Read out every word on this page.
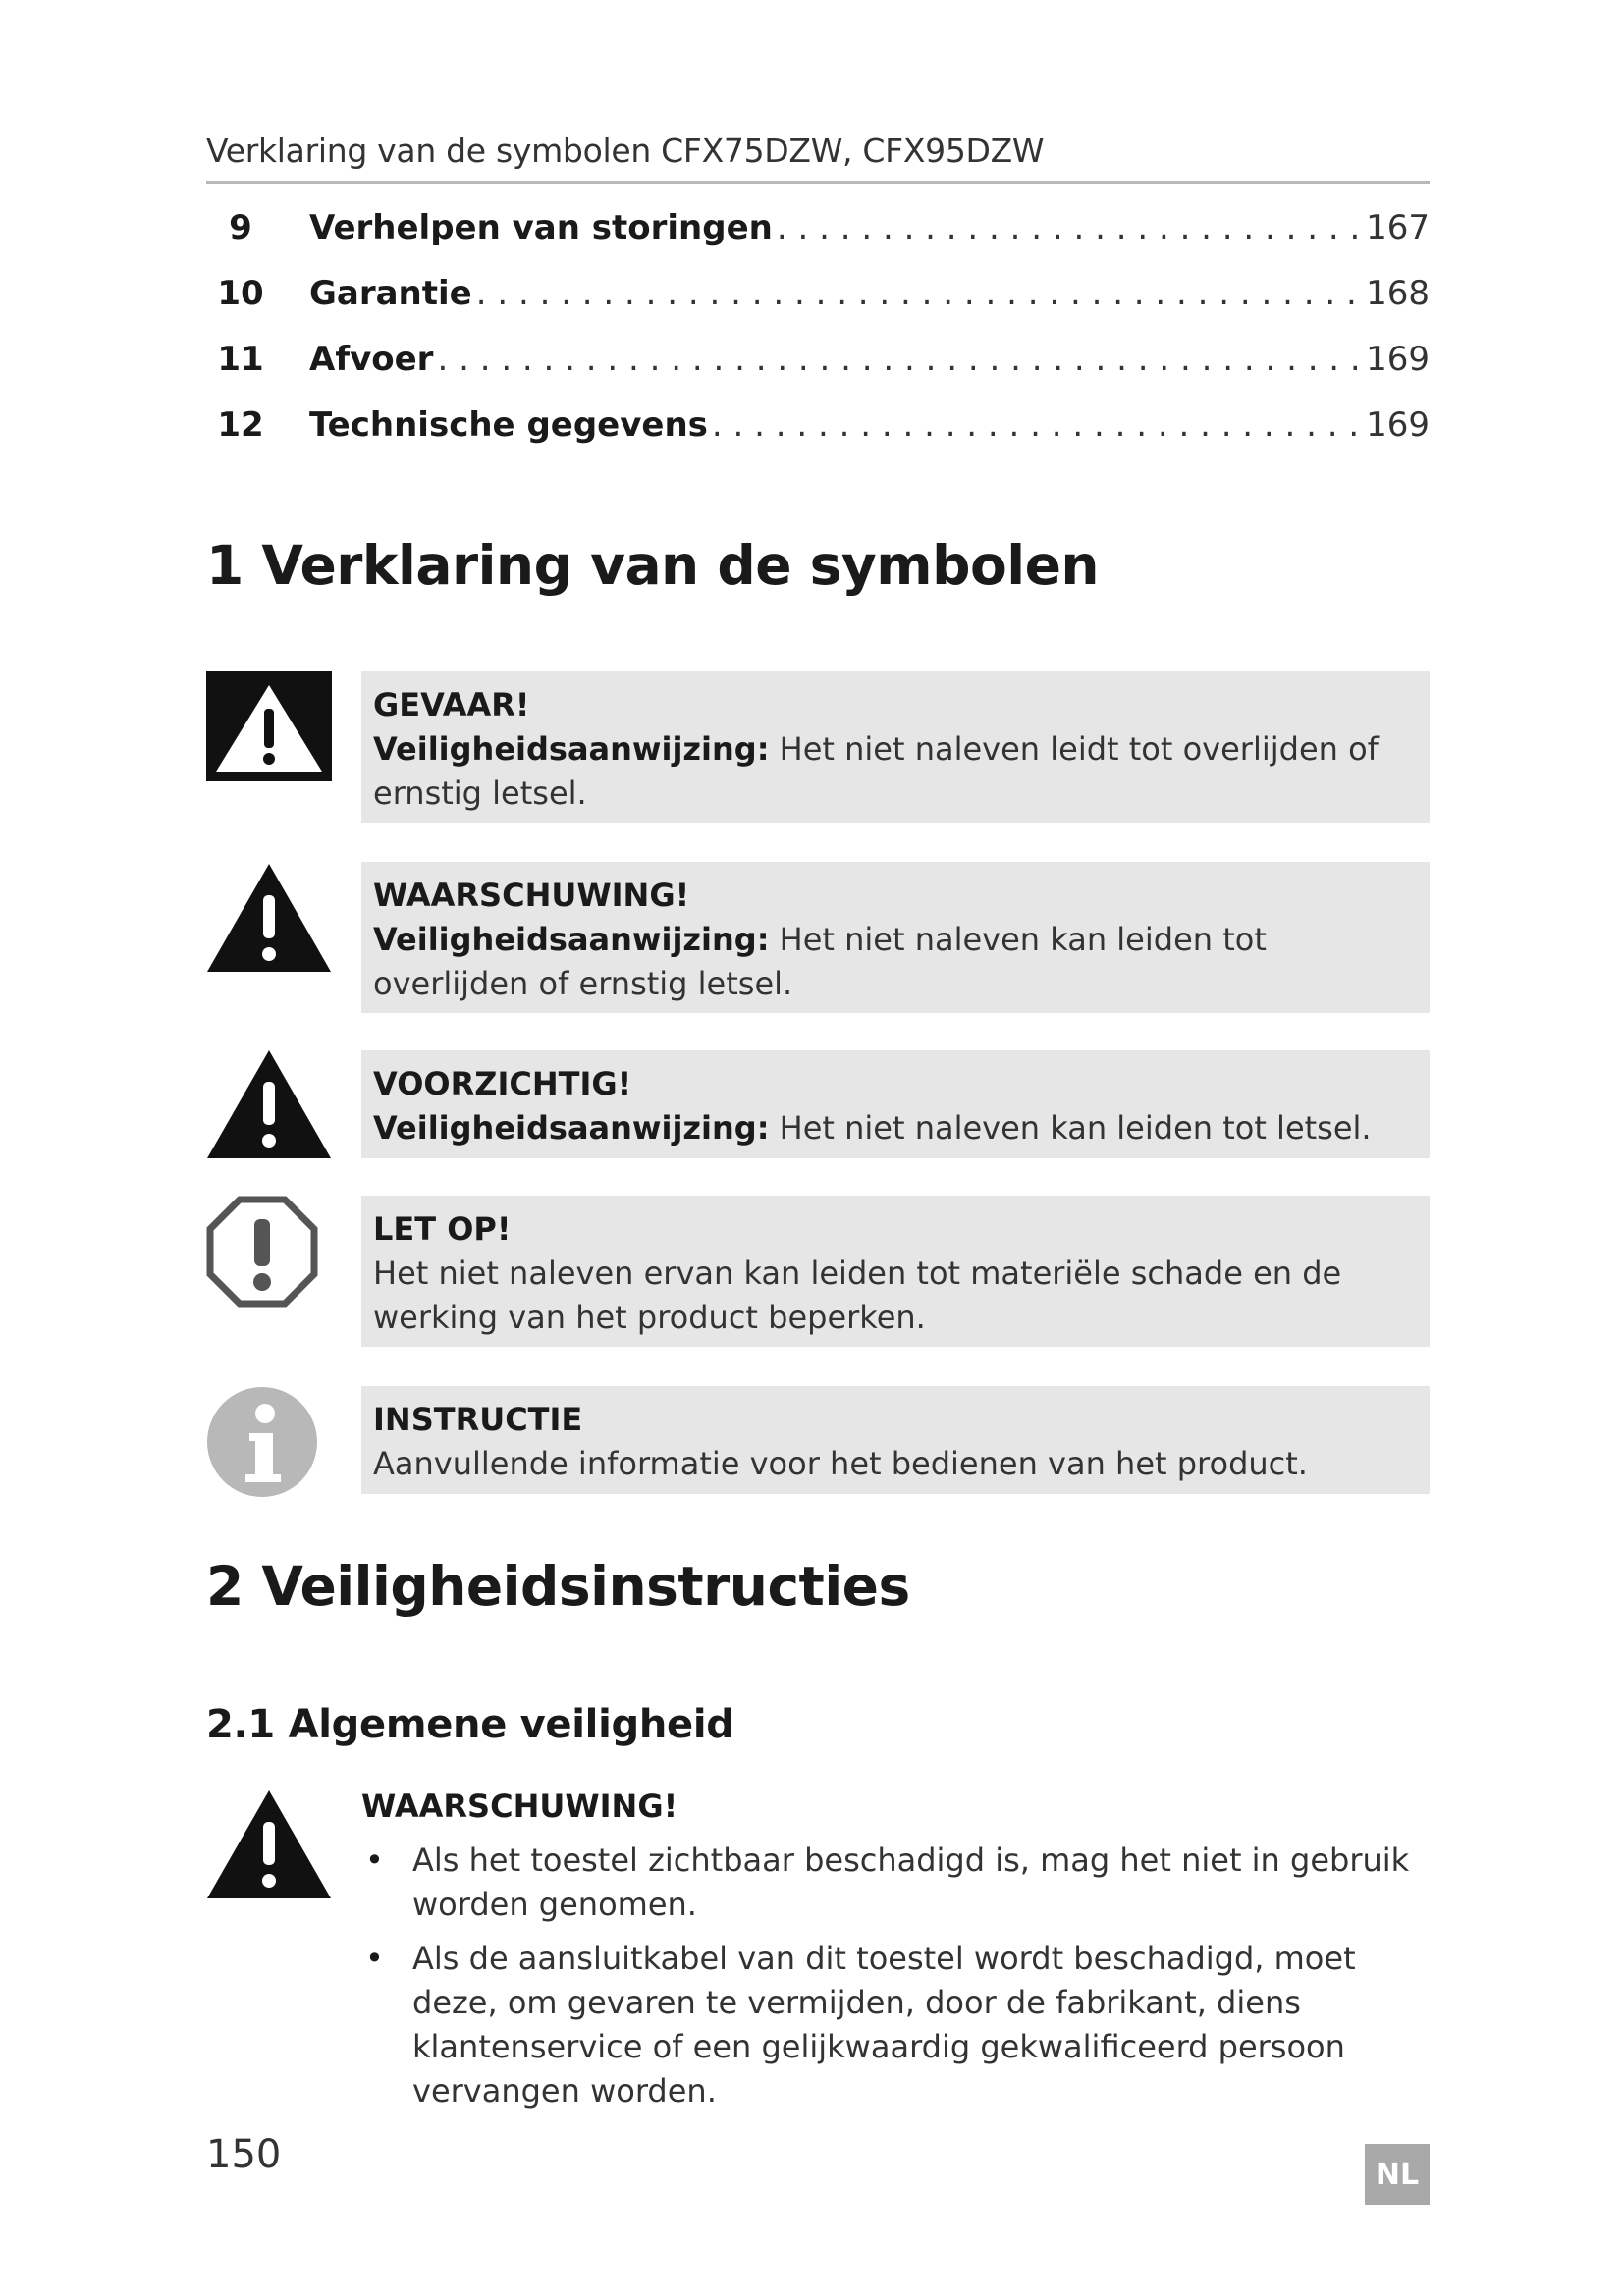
Verklaring van de symbolen CFX75DZW, CFX95DZW
9	Verhelpen van storingen . . .	167
10	Garantie . . .	168
11	Afvoer . . .	169
12	Technische gegevens . . .	169
1 Verklaring van de symbolen
GEVAAR!
Veiligheidsaanwijzing: Het niet naleven leidt tot overlijden of ernstig letsel.
WAARSCHUWING!
Veiligheidsaanwijzing: Het niet naleven kan leiden tot overlijden of ernstig letsel.
VOORZICHTIG!
Veiligheidsaanwijzing: Het niet naleven kan leiden tot letsel.
LET OP!
Het niet naleven ervan kan leiden tot materiële schade en de werking van het product beperken.
INSTRUCTIE
Aanvullende informatie voor het bedienen van het product.
2 Veiligheidsinstructies
2.1 Algemene veiligheid
WAARSCHUWING!
• Als het toestel zichtbaar beschadigd is, mag het niet in gebruik worden genomen.
• Als de aansluitkabel van dit toestel wordt beschadigd, moet deze, om gevaren te vermijden, door de fabrikant, diens klantenservice of een gelijkwaardig gekwalificeerd persoon vervangen worden.
150	NL
